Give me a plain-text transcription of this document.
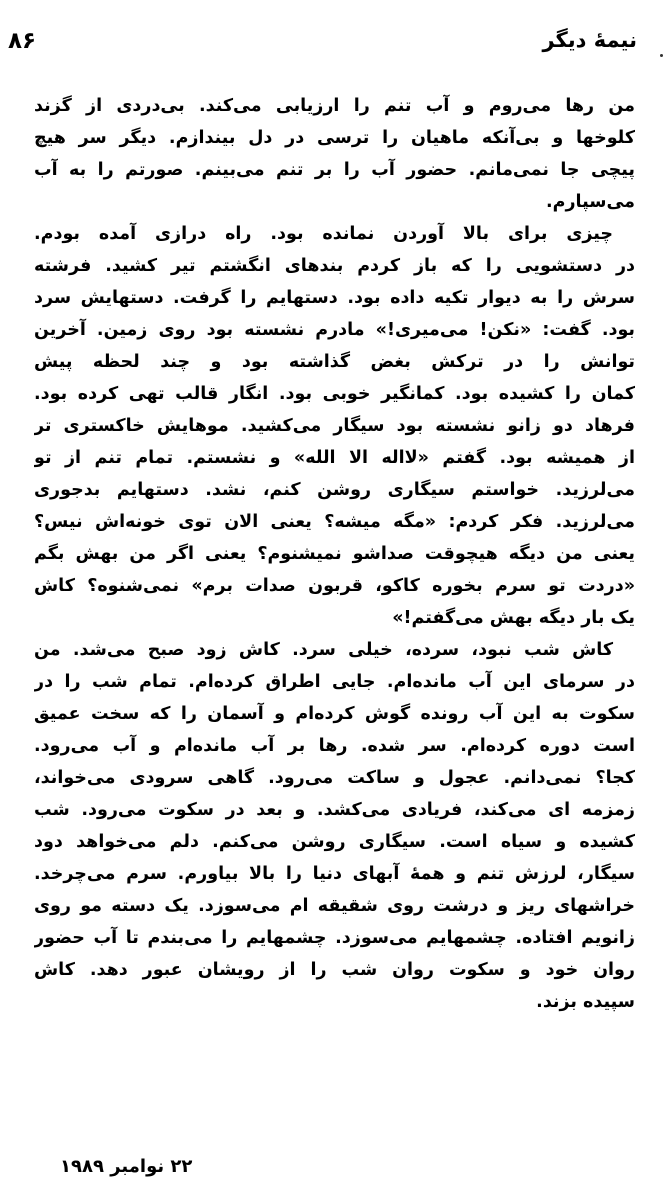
نیمهٔ دیگر
۸۶
من رها می‌روم و آب تنم را ارزیابی می‌کند. بی‌دردی از گزند
کلوخها و بی‌آنکه ماهیان را ترسی در دل بیندازم. دیگر سر هیچ
پیچی جا نمی‌مانم. حضور آب را بر تنم می‌بینم. صورتم را به آب
می‌سپارم.
چیزی برای بالا آوردن نمانده بود. راه درازی آمده بودم.
در دستشویی را که باز کردم بندهای انگشتم تیر کشید. فرشته
سرش را به دیوار تکیه داده بود. دستهایم را گرفت. دستهایش سرد
بود. گفت: «نکن! می‌میری!» مادرم نشسته بود روی زمین. آخرین
توانش را در ترکش بغض گذاشته بود و چند لحظه پیش
کمان را کشیده بود. کمانگیر خوبی بود. انگار قالب تهی کرده بود.
فرهاد دو زانو نشسته بود سیگار می‌کشید. موهایش خاکستری تر
از همیشه بود. گفتم «لااله الا الله» و نشستم. تمام تنم از تو
می‌لرزید. خواستم سیگاری روشن کنم، نشد. دستهایم بدجوری
می‌لرزید. فکر کردم: «مگه میشه؟ یعنی الان توی خونه‌اش نیس؟
یعنی من دیگه هیچوقت صداشو نمیشنوم؟ یعنی اگر من بهش بگم
«دردت تو سرم بخوره کاکو، قربون صدات برم» نمی‌شنوه؟ کاش
یک بار دیگه بهش می‌گفتم!»
کاش شب نبود، سرده، خیلی سرد. کاش زود صبح می‌شد. من
در سرمای این آب مانده‌ام. جایی اطراق کرده‌ام. تمام شب را در
سکوت به این آب رونده گوش کرده‌ام و آسمان را که سخت عمیق
است دوره کرده‌ام. سر شده. رها بر آب مانده‌ام و آب می‌رود.
کجا؟ نمی‌دانم. عجول و ساکت می‌رود. گاهی سرودی می‌خواند،
زمزمه ای می‌کند، فریادی می‌کشد. و بعد در سکوت می‌رود. شب
کشیده و سیاه است. سیگاری روشن می‌کنم. دلم می‌خواهد دود
سیگار، لرزش تنم و همهٔ آبهای دنیا را بالا بیاورم. سرم می‌چرخد.
خراشهای ریز و درشت روی شقیقه ام می‌سوزد. یک دسته مو روی
زانویم افتاده. چشمهایم می‌سوزد. چشمهایم را می‌بندم تا آب حضور
روان خود و سکوت روان شب را از رویشان عبور دهد. کاش
سپیده بزند.
۲۲ نوامبر ۱۹۸۹
